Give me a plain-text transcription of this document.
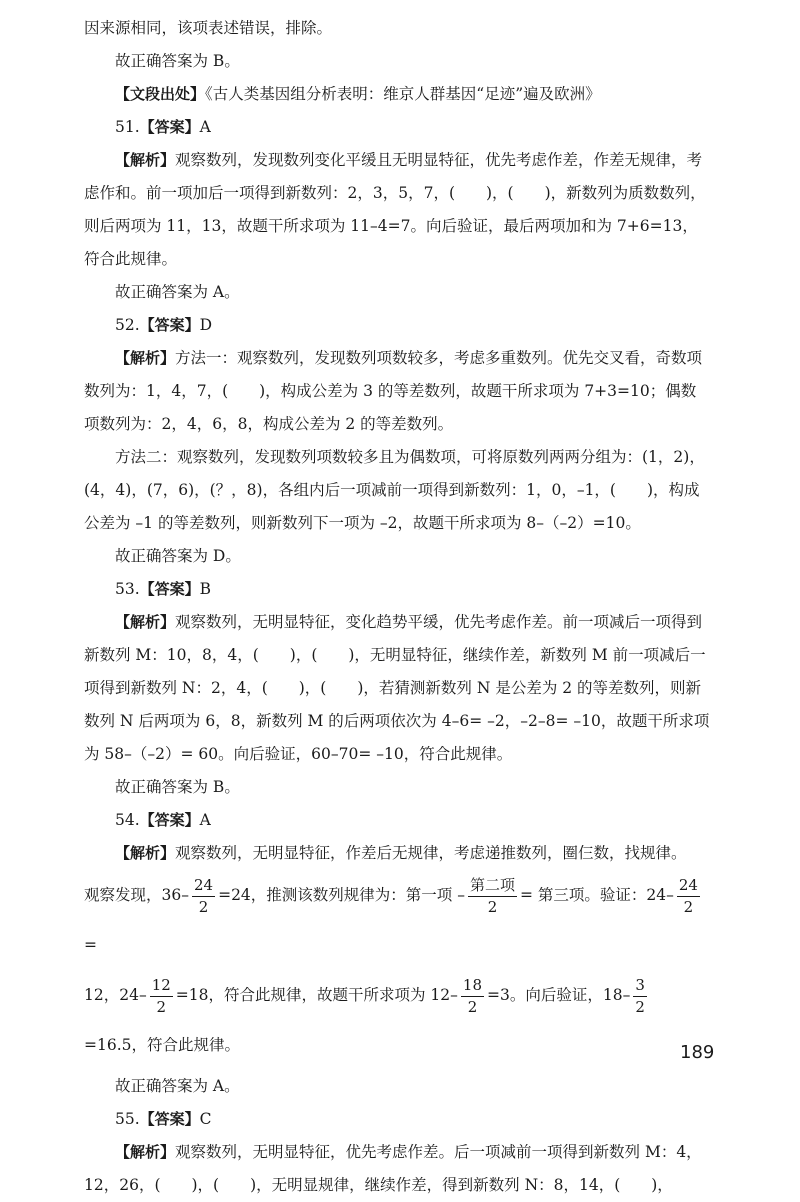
因来源相同，该项表述错误，排除。

故正确答案为 B。

【文段出处】《古人类基因组分析表明：维京人群基因“足迹”遍及欧洲》

51.【答案】A

【解析】观察数列，发现数列变化平缓且无明显特征，优先考虑作差，作差无规律，考虑作和。前一项加后一项得到新数列：2，3，5，7，(　　)，(　　)，新数列为质数数列，则后两项为 11，13，故题干所求项为 11–4=7。向后验证，最后两项加和为 7+6=13，符合此规律。

故正确答案为 A。

52.【答案】D

【解析】方法一：观察数列，发现数列项数较多，考虑多重数列。优先交叉看，奇数项数列为：1，4，7，(　　)，构成公差为 3 的等差数列，故题干所求项为 7+3=10；偶数项数列为：2，4，6，8，构成公差为 2 的等差数列。

方法二：观察数列，发现数列项数较多且为偶数项，可将原数列两两分组为：(1，2)，(4，4)，(7，6)，(？，8)，各组内后一项减前一项得到新数列：1，0，–1，(　　)，构成公差为 –1 的等差数列，则新数列下一项为 –2，故题干所求项为 8–（–2）=10。

故正确答案为 D。

53.【答案】B

【解析】观察数列，无明显特征，变化趋势平缓，优先考虑作差。前一项减后一项得到新数列 M：10，8，4，(　　)，(　　)，无明显特征，继续作差，新数列 M 前一项减后一项得到新数列 N：2，4，(　　)，(　　)，若猜测新数列 N 是公差为 2 的等差数列，则新数列 N 后两项为 6，8，新数列 M 的后两项依次为 4–6= –2，–2–8= –10，故题干所求项为 58–（–2）= 60。向后验证，60–70= –10，符合此规律。

故正确答案为 B。

54.【答案】A

【解析】观察数列，无明显特征，作差后无规律，考虑递推数列，圈仨数，找规律。

观察发现，$36- \frac{24}{2} =24$，推测该数列规律为：第一项 – $\frac{\text{第二项}}{2}$ = 第三项。验证：$24- \frac{24}{2}$
=

12，$24- \frac{12}{2} =18$，符合此规律，故题干所求项为 $12- \frac{18}{2} =3$。向后验证，$18- \frac{3}{2}$
=16.5，符合此规律。

故正确答案为 A。

55.【答案】C

【解析】观察数列，无明显特征，优先考虑作差。后一项减前一项得到新数列 M：4，12，26，(　　)，(　　)，无明显规律，继续作差，得到新数列 N：8，14，(　　)，

189
